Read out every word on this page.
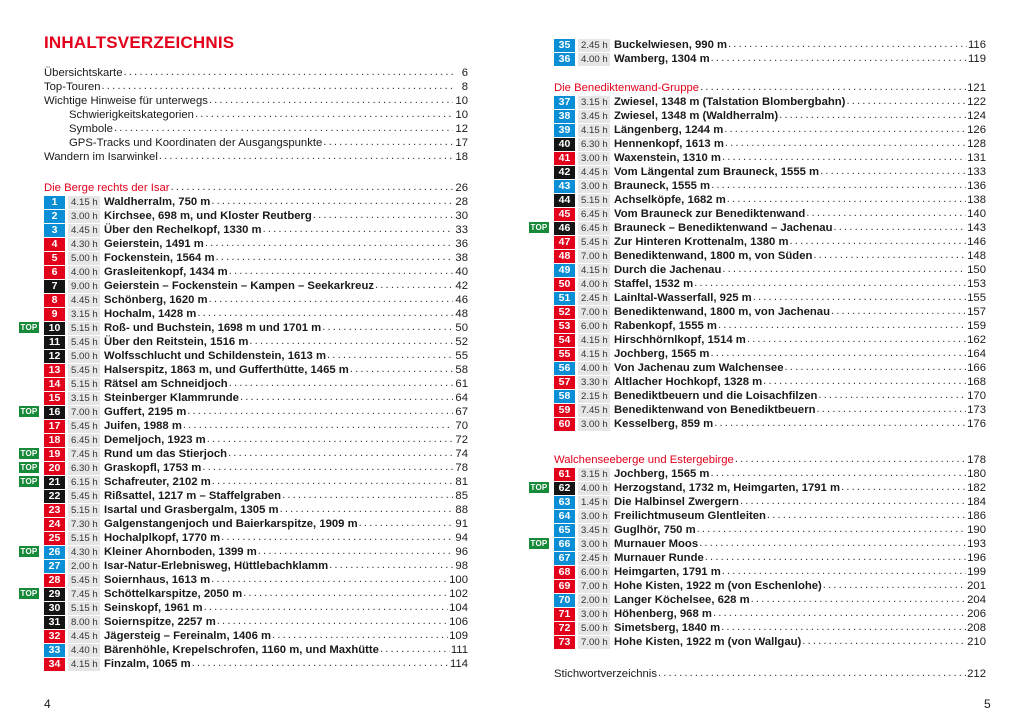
INHALTSVERZEICHNIS
Übersichtskarte . . .	6
Top-Touren . . .	8
Wichtige Hinweise für unterwegs . . .	10
Schwierigkeitskategorien . . .	10
Symbole . . .	12
GPS-Tracks und Koordinaten der Ausgangspunkte . . .	17
Wandern im Isarwinkel . . .	18
Die Berge rechts der Isar . . .	26
1	4.15 h Waldherralm, 750 m . . .	28
2	3.00 h Kirchsee, 698 m, und Kloster Reutberg . . .	30
3	4.45 h Über den Rechelkopf, 1330 m . . .	33
4	4.30 h Geierstein, 1491 m . . .	36
5	5.00 h Fockenstein, 1564 m . . .	38
6	4.00 h Grasleitenkopf, 1434 m . . .	40
7	9.00 h Geierstein – Fockenstein – Kampen – Seekarkreuz . . .	42
8	4.45 h Schönberg, 1620 m . . .	46
9	3.15 h Hochalm, 1428 m . . .	48
10	5.15 h Roß- und Buchstein, 1698 m und 1701 m . . .	50
11	5.45 h Über den Reitstein, 1516 m . . .	52
12	5.00 h Wolfsschlucht und Schildenstein, 1613 m . . .	55
13	5.45 h Halserspitz, 1863 m, und Gufferthütte, 1465 m . . .	58
14	5.15 h Rätsel am Schneidjoch . . .	61
15	3.15 h Steinberger Klammrunde . . .	64
16	7.00 h Guffert, 2195 m . . .	67
17	5.45 h Juifen, 1988 m . . .	70
18	6.45 h Demeljoch, 1923 m . . .	72
19	7.45 h Rund um das Stierjoch . . .	74
20	6.30 h Graskopfl, 1753 m . . .	78
21	6.15 h Schafreuter, 2102 m . . .	81
22	5.45 h Rißsattel, 1217 m – Staffelgraben . . .	85
23	5.15 h Isartal und Grasbergalm, 1305 m . . .	88
24	7.30 h Galgenstangenjoch und Baierkarspitze, 1909 m . . .	91
25	5.15 h Hochalplkopf, 1770 m . . .	94
26	4.30 h Kleiner Ahornboden, 1399 m . . .	96
27	2.00 h Isar-Natur-Erlebnisweg, Hüttlebachklamm . . .	98
28	5.45 h Soiernhaus, 1613 m . . .	100
29	7.45 h Schöttelkarspitze, 2050 m . . .	102
30	5.15 h Seinskopf, 1961 m . . .	104
31	8.00 h Soiernspitze, 2257 m . . .	106
32	4.45 h Jägersteig – Fereinalm, 1406 m . . .	109
33	4.40 h Bärenhöhle, Krepelschrofen, 1160 m, und Maxhütte . . .	111
34	4.15 h Finzalm, 1065 m . . .	114
4
TOP
TOP
TOP
TOP
TOP
TOP
TOP
35	2.45 h Buckelwiesen, 990 m . . .	116
36	4.00 h Wamberg, 1304 m . . .	119
Die Benediktenwand-Gruppe . . .	121
37	3.15 h Zwiesel, 1348 m (Talstation Blombergbahn) . . .	122
38	3.45 h Zwiesel, 1348 m (Waldherralm) . . .	124
39	4.15 h Längenberg, 1244 m . . .	126
40	6.30 h Hennenkopf, 1613 m . . .	128
41	3.00 h Waxenstein, 1310 m . . .	131
42	4.45 h Vom Längental zum Brauneck, 1555 m . . .	133
43	3.00 h Brauneck, 1555 m . . .	136
44	5.15 h Achselköpfe, 1682 m . . .	138
45	6.45 h Vom Brauneck zur Benediktenwand . . .	140
46	6.45 h Brauneck – Benediktenwand – Jachenau . . .	143
47	5.45 h Zur Hinteren Krottenalm, 1380 m . . .	146
48	7.00 h Benediktenwand, 1800 m, von Süden . . .	148
49	4.15 h Durch die Jachenau . . .	150
50	4.00 h Staffel, 1532 m . . .	153
51	2.45 h Lainltal-Wasserfall, 925 m . . .	155
52	7.00 h Benediktenwand, 1800 m, von Jachenau . . .	157
53	6.00 h Rabenkopf, 1555 m . . .	159
54	4.15 h Hirschhörnlkopf, 1514 m . . .	162
55	4.15 h Jochberg, 1565 m . . .	164
56	4.00 h Von Jachenau zum Walchensee . . .	166
57	3.30 h Altlacher Hochkopf, 1328 m . . .	168
58	2.15 h Benediktbeuern und die Loisachfilzen . . .	170
59	7.45 h Benediktenwand von Benediktbeuern . . .	173
60	3.00 h Kesselberg, 859 m . . .	176
Walchenseeberge und Estergebirge . . .	178
61	3.15 h Jochberg, 1565 m . . .	180
62	4.00 h Herzogstand, 1732 m, Heimgarten, 1791 m . . .	182
63	1.45 h Die Halbinsel Zwergern . . .	184
64	3.00 h Freilichtmuseum Glentleiten . . .	186
65	3.45 h Guglhör, 750 m . . .	190
66	3.00 h Murnauer Moos . . .	193
67	2.45 h Murnauer Runde . . .	196
68	6.00 h Heimgarten, 1791 m . . .	199
69	7.00 h Hohe Kisten, 1922 m (von Eschenlohe) . . .	201
70	2.00 h Langer Köchelsee, 628 m . . .	204
71	3.00 h Höhenberg, 968 m . . .	206
72	5.00 h Simetsberg, 1840 m . . .	208
73	7.00 h Hohe Kisten, 1922 m (von Wallgau) . . .	210
Stichwortverzeichnis . . .	212
5
TOP
TOP
TOP
